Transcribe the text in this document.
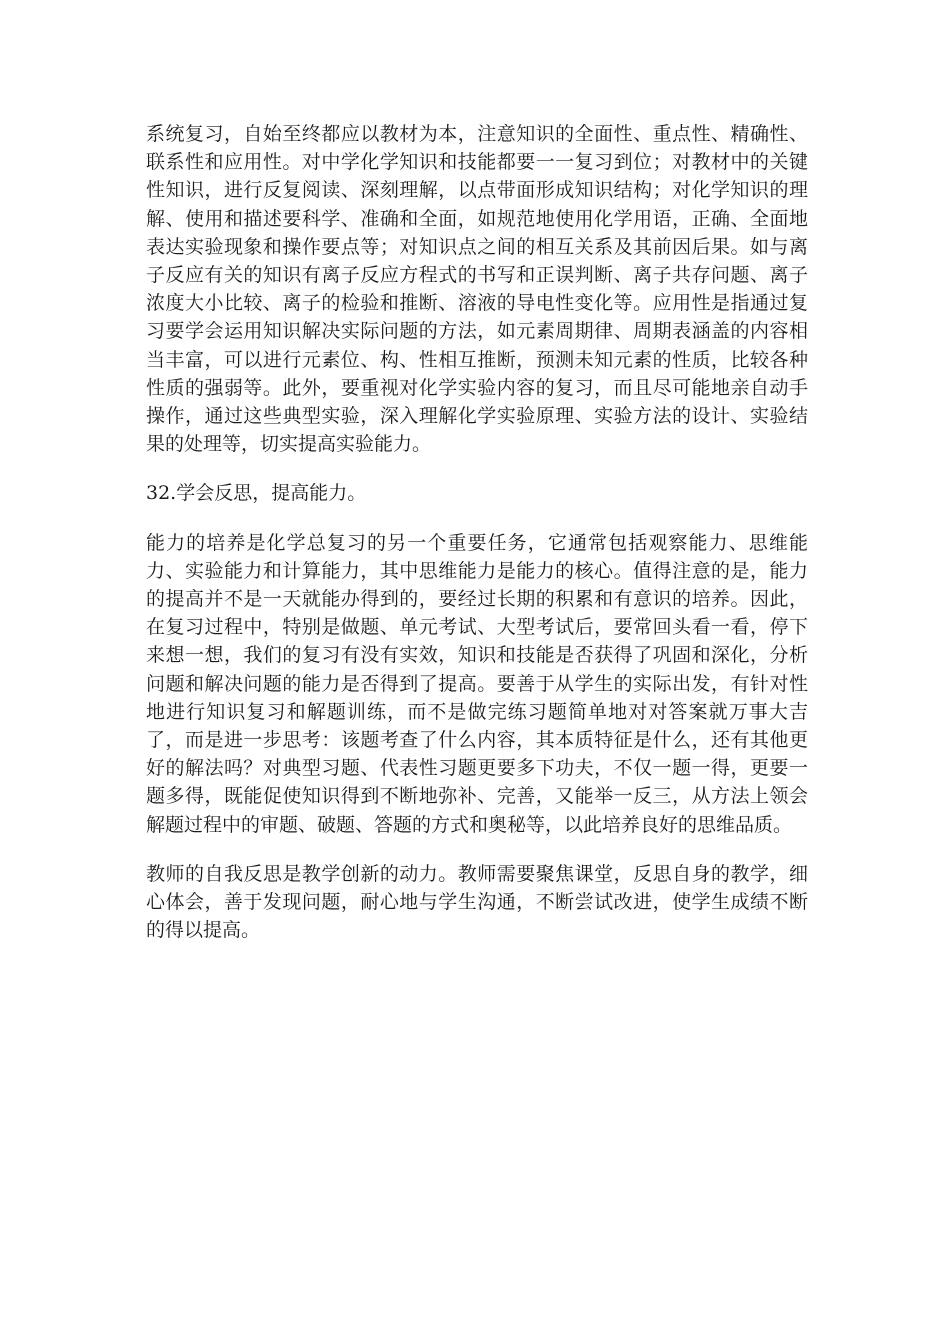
系统复习，自始至终都应以教材为本，注意知识的全面性、重点性、精确性、联系性和应用性。对中学化学知识和技能都要一一复习到位；对教材中的关键性知识，进行反复阅读、深刻理解，以点带面形成知识结构；对化学知识的理解、使用和描述要科学、准确和全面，如规范地使用化学用语，正确、全面地表达实验现象和操作要点等；对知识点之间的相互关系及其前因后果。如与离子反应有关的知识有离子反应方程式的书写和正误判断、离子共存问题、离子浓度大小比较、离子的检验和推断、溶液的导电性变化等。应用性是指通过复习要学会运用知识解决实际问题的方法，如元素周期律、周期表涵盖的内容相当丰富，可以进行元素位、构、性相互推断，预测未知元素的性质，比较各种性质的强弱等。此外，要重视对化学实验内容的复习，而且尽可能地亲自动手操作，通过这些典型实验，深入理解化学实验原理、实验方法的设计、实验结果的处理等，切实提高实验能力。

32.学会反思，提高能力。

能力的培养是化学总复习的另一个重要任务，它通常包括观察能力、思维能力、实验能力和计算能力，其中思维能力是能力的核心。值得注意的是，能力的提高并不是一天就能办得到的，要经过长期的积累和有意识的培养。因此，在复习过程中，特别是做题、单元考试、大型考试后，要常回头看一看，停下来想一想，我们的复习有没有实效，知识和技能是否获得了巩固和深化，分析问题和解决问题的能力是否得到了提高。要善于从学生的实际出发，有针对性地进行知识复习和解题训练，而不是做完练习题简单地对对答案就万事大吉了，而是进一步思考：该题考查了什么内容，其本质特征是什么，还有其他更好的解法吗？对典型习题、代表性习题更要多下功夫，不仅一题一得，更要一题多得，既能促使知识得到不断地弥补、完善，又能举一反三，从方法上领会解题过程中的审题、破题、答题的方式和奥秘等，以此培养良好的思维品质。

教师的自我反思是教学创新的动力。教师需要聚焦课堂，反思自身的教学，细心体会，善于发现问题，耐心地与学生沟通，不断尝试改进，使学生成绩不断的得以提高。
